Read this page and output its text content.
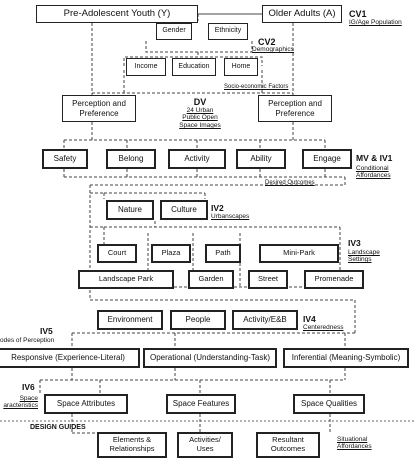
Pre-Adolescent Youth (Y)	Older Adults (A)	CV1
IG/Age Population
Gender	Ethnicity
CV2
Demographics
Income	Education	Home
Socio-economic Factors
Perception and
Preference
Perception and
Preference
DV
24 Urban
Public Open
Space Images
Safety	Belong	Activity	Ability	Engage	MV & IV1
Conditional
Affordances
Desired Outcomes
Nature	Culture	IV2
Urbanscapes
Court	Plaza	Path	Mini-Park
Landscape Park	Garden	Street	Promenade
IV3
Landscape
Settings
Environment	People	Activity/E&B	IV4
Centeredness
IV5
odes of Perception
Responsive (Experience-Literal)	Operational (Understanding-Task)	Inferential (Meaning-Symbolic)
IV6
Space
aracteristics	Space Attributes	Space Features	Space Qualities
DESIGN GUIDES
Elements &
Relationships
Activities/
Uses
Resultant
Outcomes
Situational
Affordances
